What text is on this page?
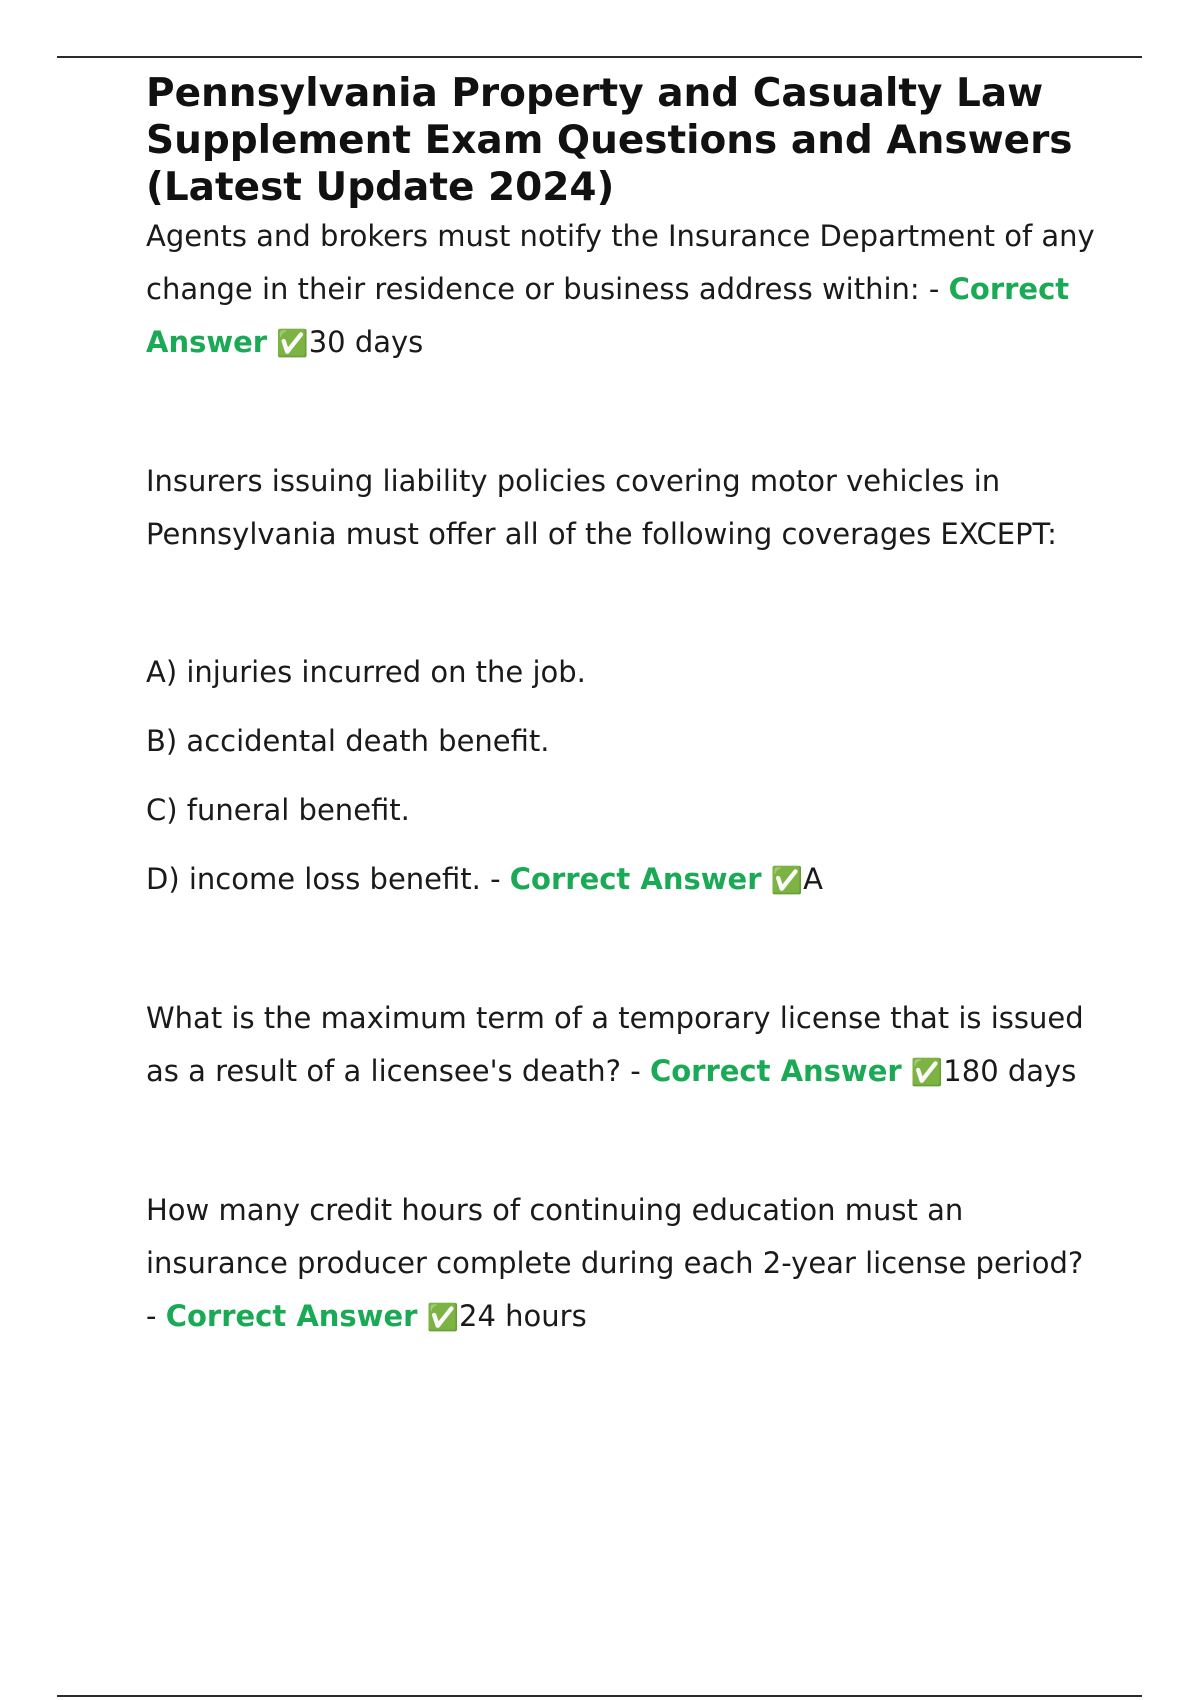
Pennsylvania Property and Casualty Law Supplement Exam Questions and Answers (Latest Update 2024)

Agents and brokers must notify the Insurance Department of any change in their residence or business address within: - Correct Answer ✅30 days

Insurers issuing liability policies covering motor vehicles in Pennsylvania must offer all of the following coverages EXCEPT:

A) injuries incurred on the job.

B) accidental death benefit.

C) funeral benefit.

D) income loss benefit. - Correct Answer ✅A

What is the maximum term of a temporary license that is issued as a result of a licensee's death? - Correct Answer ✅180 days

How many credit hours of continuing education must an insurance producer complete during each 2-year license period? - Correct Answer ✅24 hours
